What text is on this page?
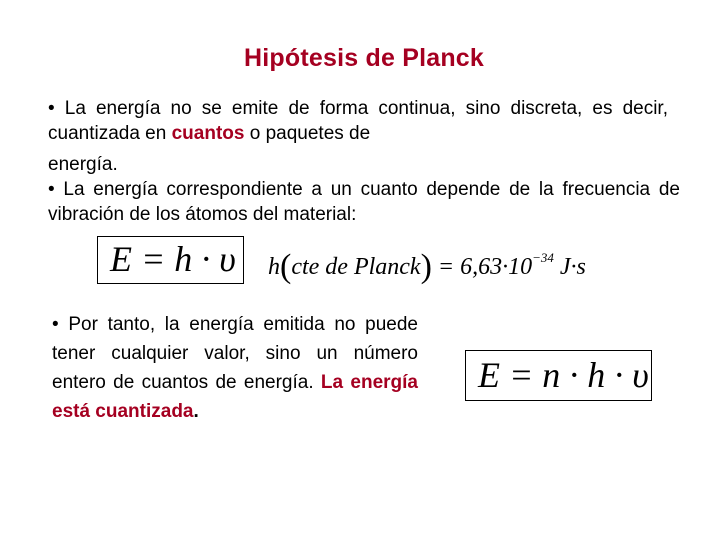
Hipótesis de Planck
• La energía no se emite de forma continua, sino discreta, es decir, cuantizada en cuantos o paquetes de
energía.
• La energía correspondiente a un cuanto depende de la frecuencia de vibración de los átomos del material:
E = h · υ	h(cte de Planck) = $6,63\cdot 10^{-34}$ J·s
• Por tanto, la energía emitida no puede tener cualquier valor, sino un número entero de cuantos de energía. La energía está cuantizada.
E = n · h · υ
